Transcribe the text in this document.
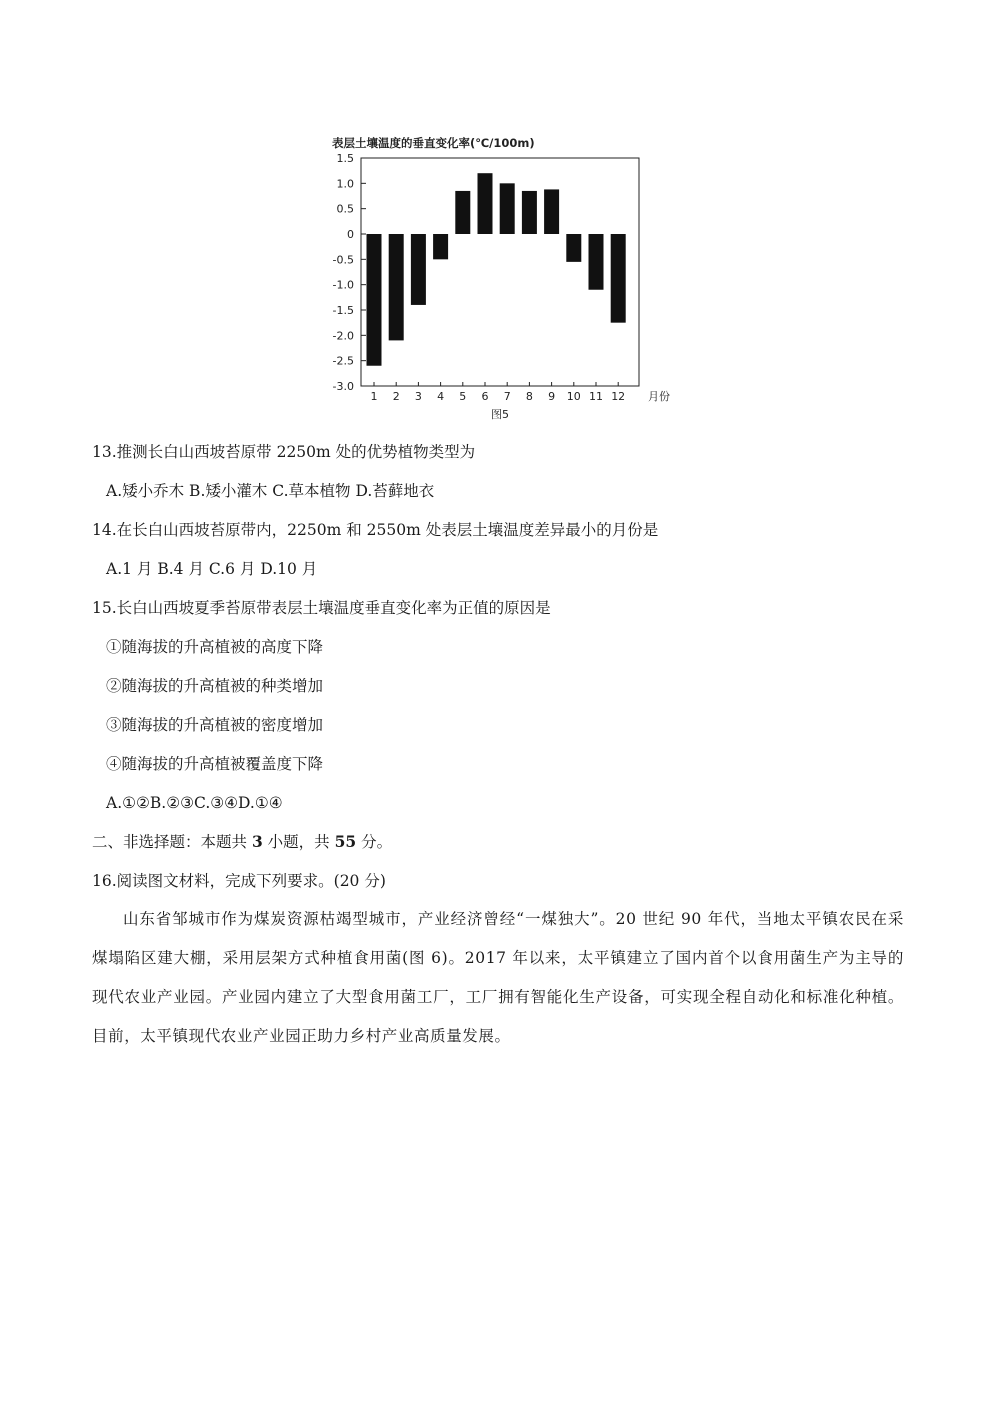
表层土壤温度的垂直变化率(℃/100m)
1.5
1.0
0.5
0
-0.5
-1.0
-1.5
-2.0
-2.5
-3.0
1 2 3 4 5 6 7 8 9 10 11 12 月份
图5
13.推测长白山西坡苔原带 2250m 处的优势植物类型为
A.矮小乔木 B.矮小灌木 C.草本植物 D.苔藓地衣
14.在长白山西坡苔原带内，2250m 和 2550m 处表层土壤温度差异最小的月份是
A.1 月 B.4 月 C.6 月 D.10 月
15.长白山西坡夏季苔原带表层土壤温度垂直变化率为正值的原因是
①随海拔的升高植被的高度下降
②随海拔的升高植被的种类增加
③随海拔的升高植被的密度增加
④随海拔的升高植被覆盖度下降
A.①②B.②③C.③④D.①④
二、非选择题：本题共 3 小题，共 55 分。
16.阅读图文材料，完成下列要求。(20 分)
山东省邹城市作为煤炭资源枯竭型城市，产业经济曾经“一煤独大”。20 世纪 90 年代，当地太平镇农民在采煤塌陷区建大棚，采用层架方式种植食用菌(图 6)。2017 年以来，太平镇建立了国内首个以食用菌生产为主导的现代农业产业园。产业园内建立了大型食用菌工厂，工厂拥有智能化生产设备，可实现全程自动化和标准化种植。目前，太平镇现代农业产业园正助力乡村产业高质量发展。
